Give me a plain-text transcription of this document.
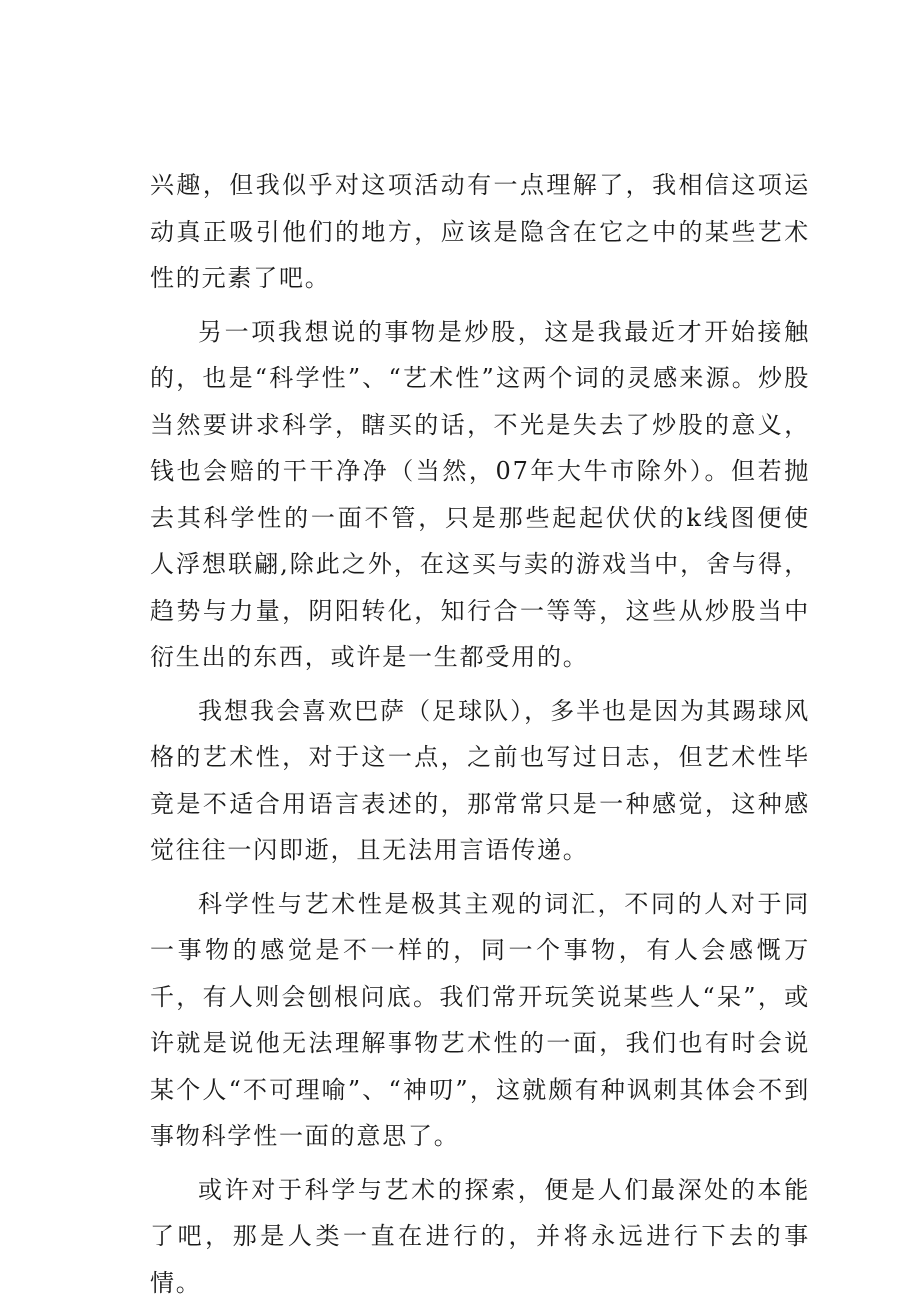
兴趣，但我似乎对这项活动有一点理解了，我相信这项运动真正吸引他们的地方，应该是隐含在它之中的某些艺术性的元素了吧。

另一项我想说的事物是炒股，这是我最近才开始接触的，也是“科学性”、“艺术性”这两个词的灵感来源。炒股当然要讲求科学，瞎买的话，不光是失去了炒股的意义，钱也会赔的干干净净（当然，07年大牛市除外）。但若抛去其科学性的一面不管，只是那些起起伏伏的k线图便使人浮想联翩,除此之外，在这买与卖的游戏当中，舍与得，趋势与力量，阴阳转化，知行合一等等，这些从炒股当中衍生出的东西，或许是一生都受用的。

我想我会喜欢巴萨（足球队），多半也是因为其踢球风格的艺术性，对于这一点，之前也写过日志，但艺术性毕竟是不适合用语言表述的，那常常只是一种感觉，这种感觉往往一闪即逝，且无法用言语传递。

科学性与艺术性是极其主观的词汇，不同的人对于同一事物的感觉是不一样的，同一个事物，有人会感慨万千，有人则会刨根问底。我们常开玩笑说某些人“呆”，或许就是说他无法理解事物艺术性的一面，我们也有时会说某个人“不可理喻”、“神叨”，这就颇有种讽刺其体会不到事物科学性一面的意思了。

或许对于科学与艺术的探索，便是人们最深处的本能了吧，那是人类一直在进行的，并将永远进行下去的事情。
